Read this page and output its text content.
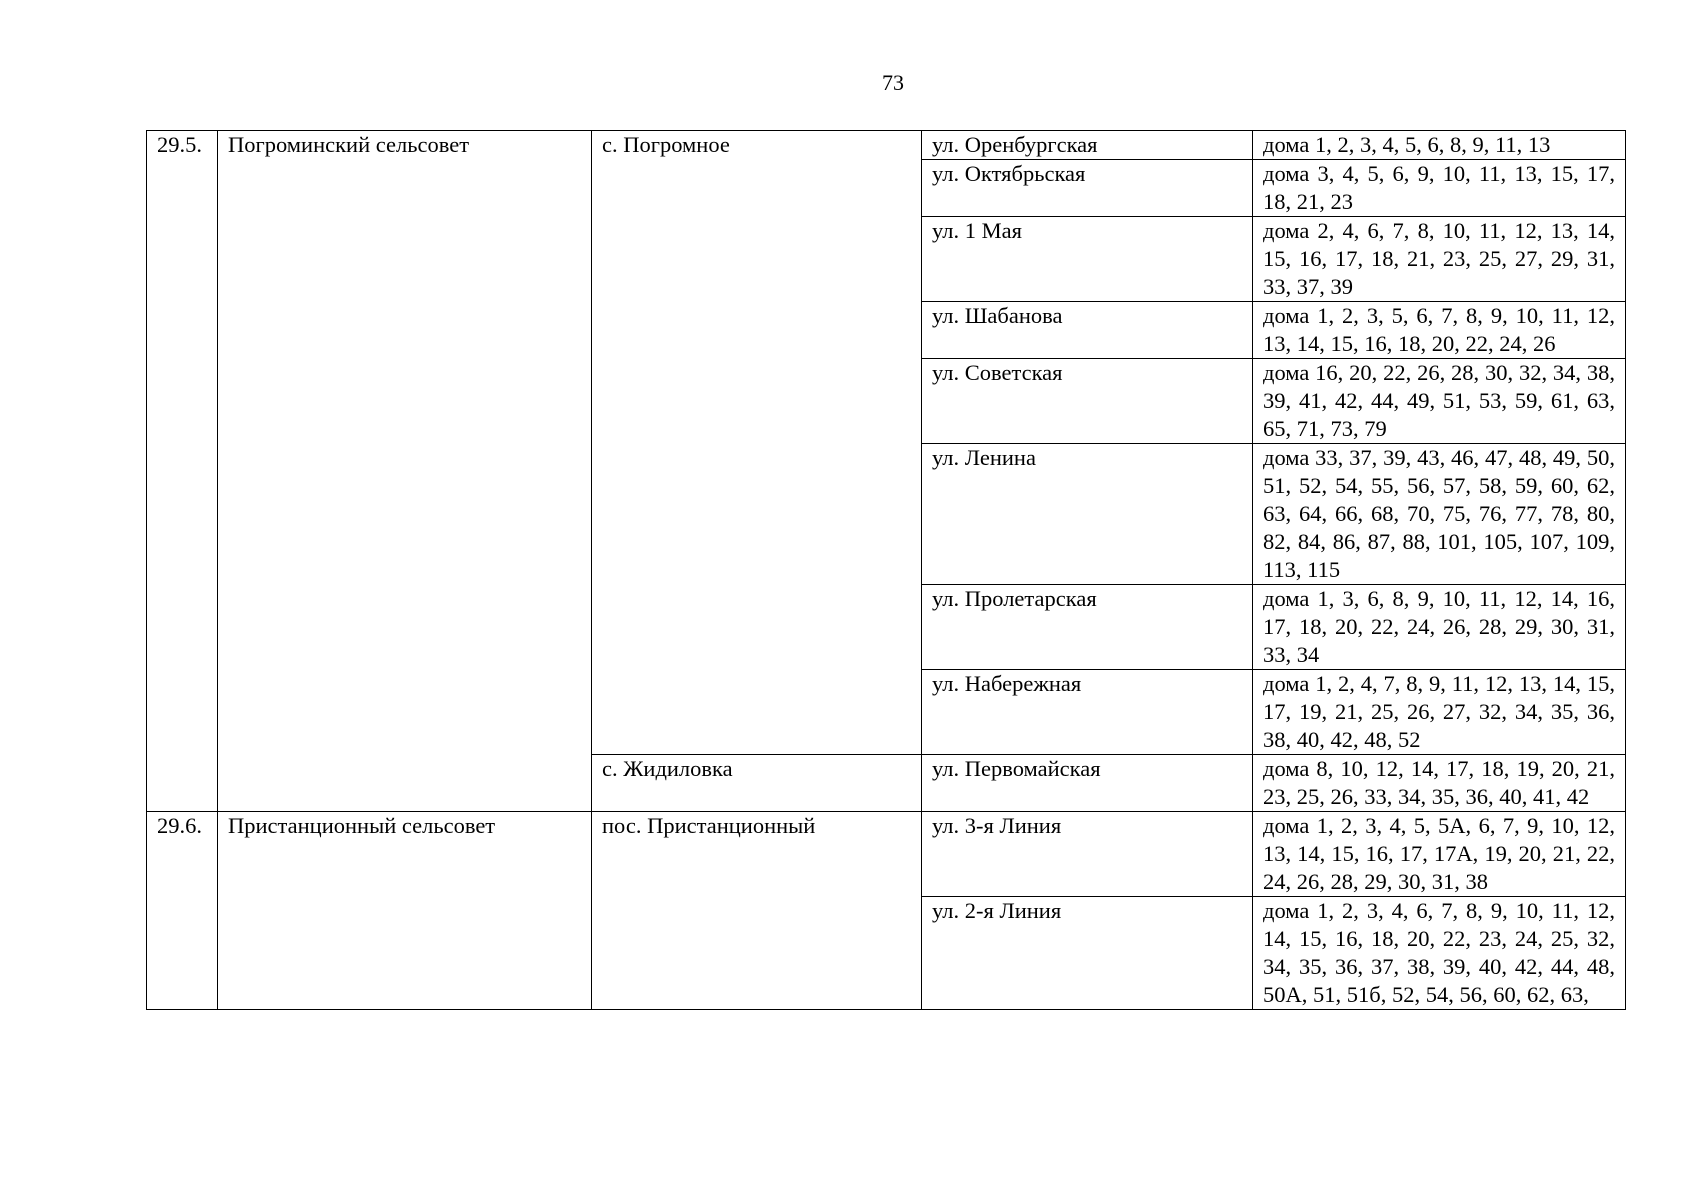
73
29.5.	Погроминский сельсовет	с. Погромное	ул. Оренбургская	дома 1, 2, 3, 4, 5, 6, 8, 9, 11, 13
			ул. Октябрьская	дома 3, 4, 5, 6, 9, 10, 11, 13, 15, 17, 18, 21, 23
			ул. 1 Мая	дома 2, 4, 6, 7, 8, 10, 11, 12, 13, 14, 15, 16, 17, 18, 21, 23, 25, 27, 29, 31, 33, 37, 39
			ул. Шабанова	дома 1, 2, 3, 5, 6, 7, 8, 9, 10, 11, 12, 13, 14, 15, 16, 18, 20, 22, 24, 26
			ул. Советская	дома 16, 20, 22, 26, 28, 30, 32, 34, 38, 39, 41, 42, 44, 49, 51, 53, 59, 61, 63, 65, 71, 73, 79
			ул. Ленина	дома 33, 37, 39, 43, 46, 47, 48, 49, 50, 51, 52, 54, 55, 56, 57, 58, 59, 60, 62, 63, 64, 66, 68, 70, 75, 76, 77, 78, 80, 82, 84, 86, 87, 88, 101, 105, 107, 109, 113, 115
			ул. Пролетарская	дома 1, 3, 6, 8, 9, 10, 11, 12, 14, 16, 17, 18, 20, 22, 24, 26, 28, 29, 30, 31, 33, 34
			ул. Набережная	дома 1, 2, 4, 7, 8, 9, 11, 12, 13, 14, 15, 17, 19, 21, 25, 26, 27, 32, 34, 35, 36, 38, 40, 42, 48, 52
		с. Жидиловка	ул. Первомайская	дома 8, 10, 12, 14, 17, 18, 19, 20, 21, 23, 25, 26, 33, 34, 35, 36, 40, 41, 42
29.6.	Пристанционный сельсовет	пос. Пристанционный	ул. 3-я Линия	дома 1, 2, 3, 4, 5, 5А, 6, 7, 9, 10, 12, 13, 14, 15, 16, 17, 17А, 19, 20, 21, 22, 24, 26, 28, 29, 30, 31, 38
			ул. 2-я Линия	дома 1, 2, 3, 4, 6, 7, 8, 9, 10, 11, 12, 14, 15, 16, 18, 20, 22, 23, 24, 25, 32, 34, 35, 36, 37, 38, 39, 40, 42, 44, 48, 50А, 51, 51б, 52, 54, 56, 60, 62, 63,
